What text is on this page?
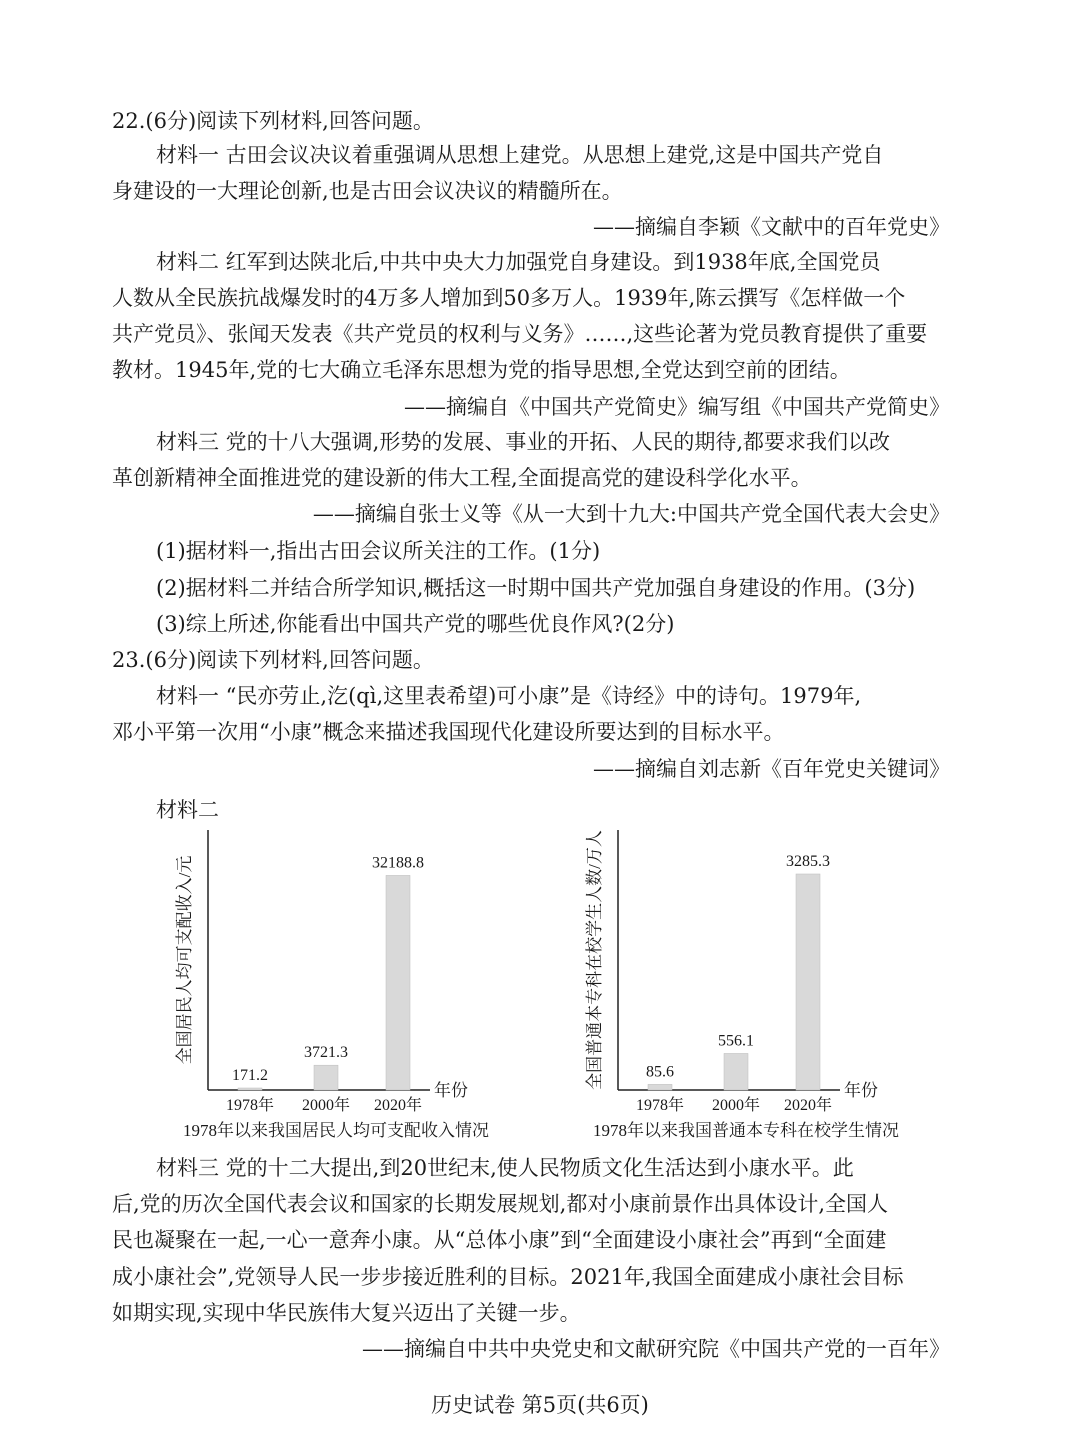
22.(6分)阅读下列材料,回答问题。
材料一 古田会议决议着重强调从思想上建党。从思想上建党,这是中国共产党自
身建设的一大理论创新,也是古田会议决议的精髓所在。
——摘编自李颖《文献中的百年党史》
材料二 红军到达陕北后,中共中央大力加强党自身建设。到1938年底,全国党员
人数从全民族抗战爆发时的4万多人增加到50多万人。1939年,陈云撰写《怎样做一个
共产党员》、张闻天发表《共产党员的权利与义务》……,这些论著为党员教育提供了重要
教材。1945年,党的七大确立毛泽东思想为党的指导思想,全党达到空前的团结。
——摘编自《中国共产党简史》编写组《中国共产党简史》
材料三 党的十八大强调,形势的发展、事业的开拓、人民的期待,都要求我们以改
革创新精神全面推进党的建设新的伟大工程,全面提高党的建设科学化水平。
——摘编自张士义等《从一大到十九大:中国共产党全国代表大会史》
(1)据材料一,指出古田会议所关注的工作。(1分)
(2)据材料二并结合所学知识,概括这一时期中国共产党加强自身建设的作用。(3分)
(3)综上所述,你能看出中国共产党的哪些优良作风?(2分)
23.(6分)阅读下列材料,回答问题。
材料一 “民亦劳止,汔(qì,这里表希望)可小康”是《诗经》中的诗句。1979年,
邓小平第一次用“小康”概念来描述我国现代化建设所要达到的目标水平。
——摘编自刘志新《百年党史关键词》
材料二
全国居民人均可支配收入/元
年份
171.2
1978年
3721.3
2000年
32188.8
2020年
1978年以来我国居民人均可支配收入情况
全国普通本专科在校学生人数/万人
年份
85.6
1978年
556.1
2000年
3285.3
2020年
1978年以来我国普通本专科在校学生情况
材料三 党的十二大提出,到20世纪末,使人民物质文化生活达到小康水平。此
后,党的历次全国代表会议和国家的长期发展规划,都对小康前景作出具体设计,全国人
民也凝聚在一起,一心一意奔小康。从“总体小康”到“全面建设小康社会”再到“全面建
成小康社会”,党领导人民一步步接近胜利的目标。2021年,我国全面建成小康社会目标
如期实现,实现中华民族伟大复兴迈出了关键一步。
——摘编自中共中央党史和文献研究院《中国共产党的一百年》
历史试卷 第5页(共6页)
